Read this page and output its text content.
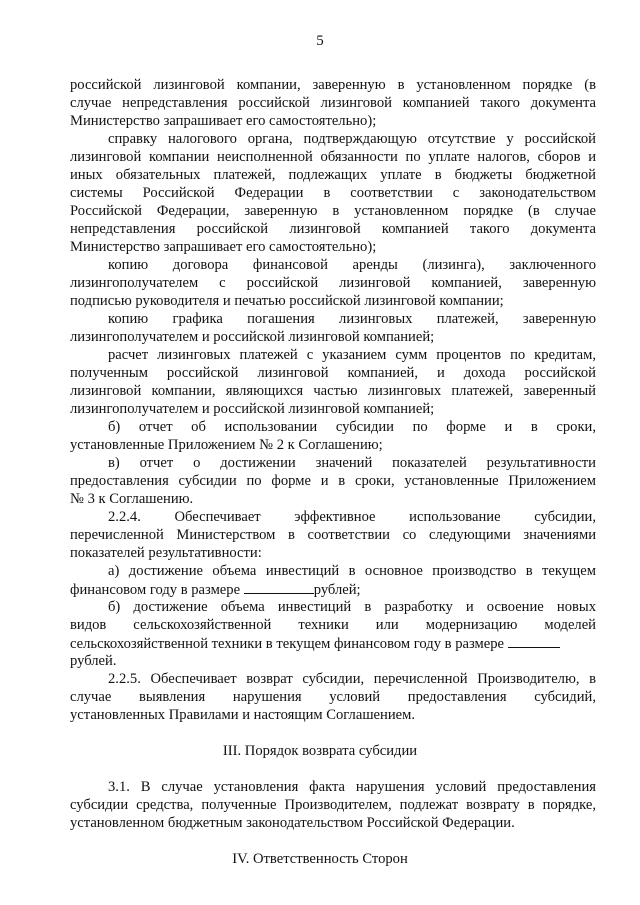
5
российской лизинговой компании, заверенную в установленном порядке (в
случае непредставления российской лизинговой компанией такого документа
Министерство запрашивает его самостоятельно);
справку налогового органа, подтверждающую отсутствие у российской
лизинговой компании неисполненной обязанности по уплате налогов, сборов и
иных обязательных платежей, подлежащих уплате в бюджеты бюджетной
системы Российской Федерации в соответствии с законодательством
Российской Федерации, заверенную в установленном порядке (в случае
непредставления российской лизинговой компанией такого документа
Министерство запрашивает его самостоятельно);
копию договора финансовой аренды (лизинга), заключенного
лизингополучателем с российской лизинговой компанией, заверенную
подписью руководителя и печатью российской лизинговой компании;
копию графика погашения лизинговых платежей, заверенную
лизингополучателем и российской лизинговой компанией;
расчет лизинговых платежей с указанием сумм процентов по кредитам,
полученным российской лизинговой компанией, и дохода российской
лизинговой компании, являющихся частью лизинговых платежей, заверенный
лизингополучателем и российской лизинговой компанией;
б) отчет об использовании субсидии по форме и в сроки,
установленные Приложением № 2 к Соглашению;
в) отчет о достижении значений показателей результативности
предоставления субсидии по форме и в сроки, установленные Приложением
№ 3 к Соглашению.
2.2.4. Обеспечивает эффективное использование субсидии,
перечисленной Министерством в соответствии со следующими значениями
показателей результативности:
а) достижение объема инвестиций в основное производство в текущем
финансовом году в размере	рублей;
б) достижение объема инвестиций в разработку и освоение новых
видов сельскохозяйственной техники или модернизацию моделей
сельскохозяйственной техники в текущем финансовом году в размере
рублей.
2.2.5. Обеспечивает возврат субсидии, перечисленной Производителю, в
случае выявления нарушения условий предоставления субсидий,
установленных Правилами и настоящим Соглашением.
III. Порядок возврата субсидии
3.1. В случае установления факта нарушения условий предоставления
субсидии средства, полученные Производителем, подлежат возврату в порядке,
установленном бюджетным законодательством Российской Федерации.
IV. Ответственность Сторон
